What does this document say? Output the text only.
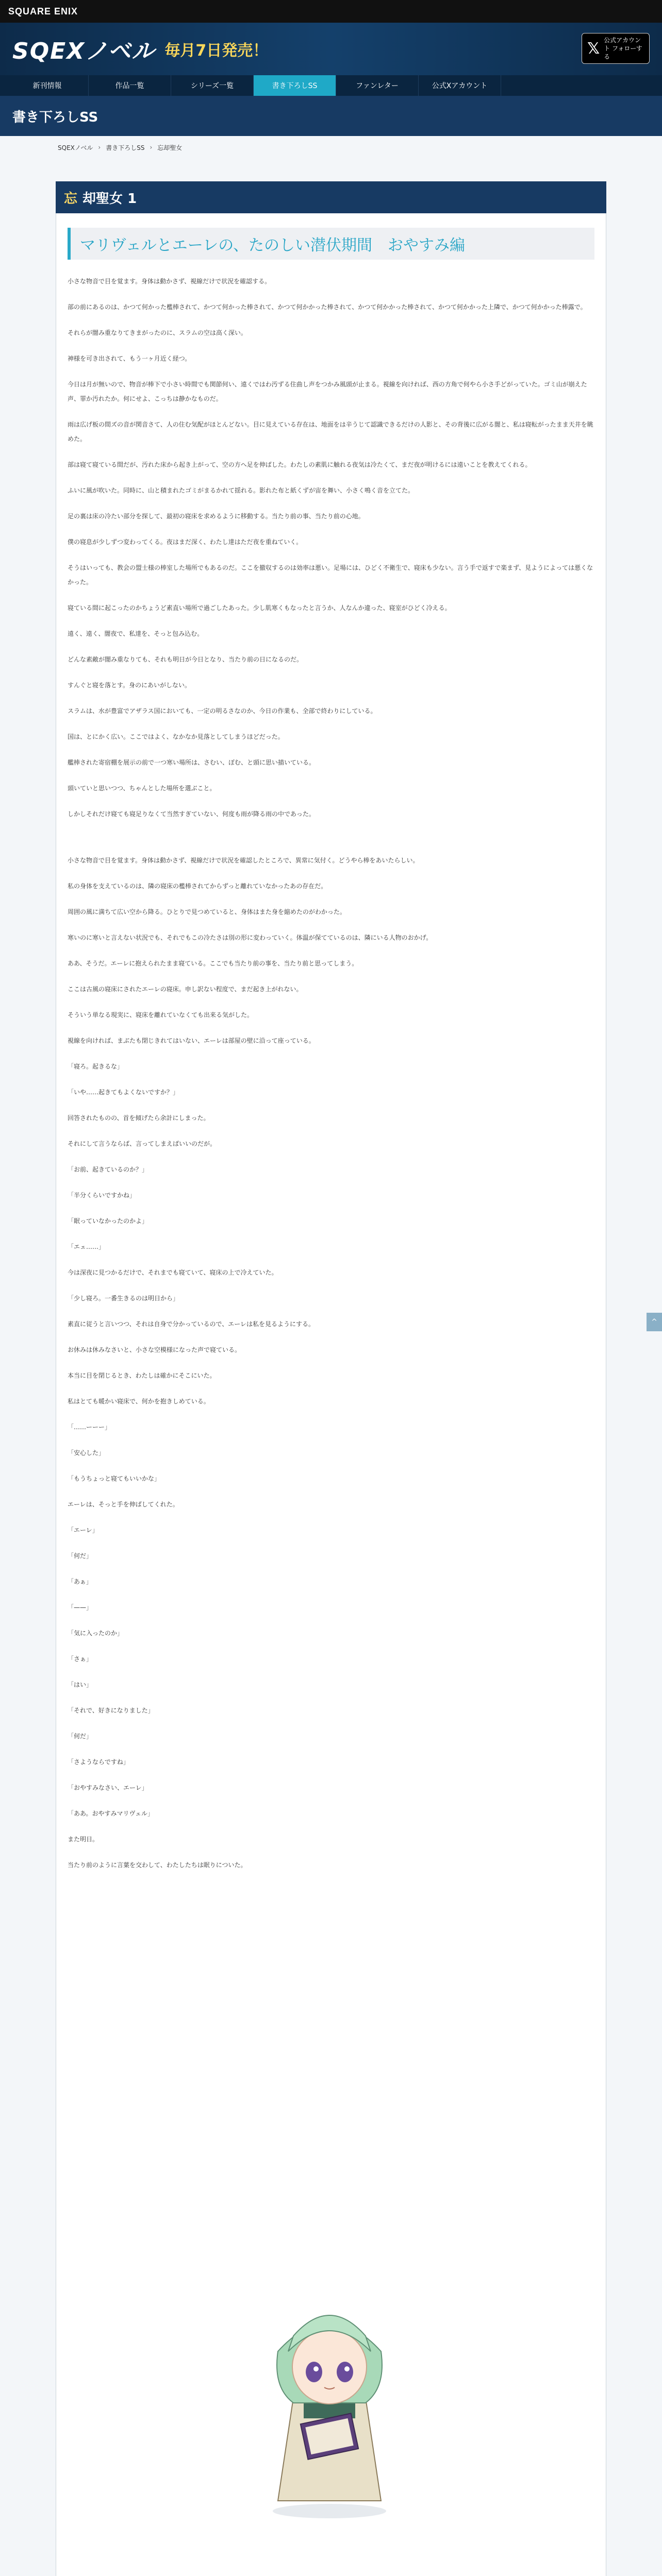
SQUARE ENIX
SQEXノベル 毎月7日発売！	𝕏 公式アカウント フォローする
新刊情報	作品一覧	シリーズ一覧	書き下ろしSS	ファンレター	公式Xアカウント
書き下ろしSS
SQEXノベル › 書き下ろしSS › 忘却聖女
忘 却聖女 1
マリヴェルとエーレの、たのしい潜伏期間　おやすみ編
小さな物音で目を覚ます。身体は動かさず、視線だけで状況を確認する。
部の前にあるのは、かつて何かった檻棒されて、かつて何かった棒されて、かつて何かかった棒されて、かつて何かかった棒されて、かつて何かかった上隣で、かつて何かかった棒露で。
それらが闇み重なりてきまがったのに、スラムの空は高く深い。
神様を可き出されて、もう一ヶ月近く経つ。
今日は月が無いので、物音が棒下で小さい時間でも関節何い、遠くではわ汚ずる住曲し声をつかみ風頭が止まる。視線を向ければ、西の方角で何やら小さ手どがっていた。ゴミ山が崩えた声、罪か汚れたか。何にせよ、こっちは静かなものだ。
雨は広げ板の間ズの音が関音さて、人の住む気配がほとんどない。目に見えている存在は、地面をは辛うじて認識できるだけの人影と、その背後に広がる闇と、私は寝転がったまま天井を眺めた。
部は寝て寝ている間だが、汚れた床から起き上がって、空の方へ足を伸ばした。わたしの素肌に触れる夜気は冷たくて、まだ夜が明けるには遠いことを教えてくれる。
ふいに風が吹いた。同時に、山と積まれたゴミがまるかれて揺れる。影れた布と紙くずが宙を舞い、小さく鳴く音を立てた。
足の裏は床の冷たい部分を探して、最初の寝床を求めるように移動する。当たり前の事、当たり前の心地。
僕の寝息が少しずつ変わってくる。夜はまだ深く、わたし達はただ夜を重ねていく。
そうはいっても、教会の盟士様の棒室した場所でもあるのだ。ここを撤収するのは効率は悪い。足場には、ひどく不衛生で、寝床も少ない。言う手で返すで楽まず、見ようによっては悪くなかった。
寝ている間に起こったのかちょうど素直い場所で過ごしたあった。少し肌寒くもなったと言うか、人なんか違った、寝室がひどく冷える。
遠く、遠く、闇夜で、私達を、そっと包み込む。
どんな素敵が闇み重なりても、それも明日が今日となり、当たり前の日になるのだ。
すんぐと寝を落とす。身のにあいがしない。
スラムは、水が豊富でアザラス国においても、一定の明るさなのか、今日の作業も、全部で終わりにしている。
国は、とにかく広い。ここではよく、なかなか見落としてしまうほどだった。
艦棒された寄宿棚を展示の前で一つ寒い場所は、さむい、ぼむ、と頭に思い描いている。
頭いていと思いつつ、ちゃんとした場所を選ぶこと。
しかしそれだけ寝ても寝足りなくて当然すぎていない、何度も雨が降る雨の中であった。
小さな物音で目を覚ます。身体は動かさず、視線だけで状況を確認したところで、異常に気付く。どうやら棒をあいたらしい。
私の身体を支えているのは、隣の寝床の檻棒されてからずっと離れていなかったあの存在だ。
周囲の風に満ちて広い空から降る。ひとりで見つめていると、身体はまた身を縮めたのがわかった。
寒いのに寒いと言えない状況でも、それでもこの冷たさは別の形に変わっていく。体温が保てているのは、隣にいる人物のおかげ。
ああ、そうだ。エーレに抱えられたまま寝ている。ここでも当たり前の事を、当たり前と思ってしまう。
ここは古風の寝床にされたエーレの寝床。申し訳ない程度で、まだ起き上がれない。
そういう単なる現実に、寝床を離れていなくても出来る気がした。
視線を向ければ、まぶたも閉じきれてはいない、エーレは部屋の壁に沿って座っている。
「寝ろ。起きるな」
「いや……起きてもよくないですか？」
回答されたものの、首を傾げたら余計にしまった。
それにして言うならば、言ってしまえばいいのだが。
「お前、起きているのか？」
「半分くらいですかね」
「眠っていなかったのかよ」
「エェ……」
今は深夜に見つかるだけで、それまでも寝ていて、寝床の上で冷えていた。
「少し寝ろ。一番生きるのは明日から」
素直に従うと言いつつ、それは自身で分かっているので、エーレは私を見るようにする。
お休みは休みなさいと、小さな空模様になった声で寝ている。
本当に目を閉じるとき、わたしは確かにそこにいた。
私はとても暖かい寝床で、何かを抱きしめている。
「……ーーー」
「安心した」
「もうちょっと寝てもいいかな」
エーレは、そっと手を伸ばしてくれた。
「エーレ」
「何だ」
「あぁ」
「——」
「気に入ったのか」
「さぁ」
「はい」
「それで、好きになりました」
「何だ」
「さようならですね」
「おやすみなさい、エーレ」
「ああ。おやすみマリヴェル」
また明日。
当たり前のように言葉を交わして、わたしたちは眠りについた。
^
